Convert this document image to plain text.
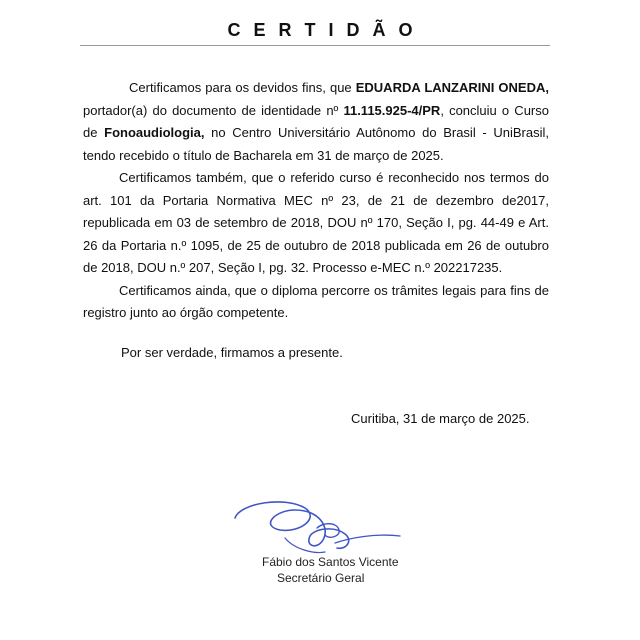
CERTIDÃO

Certificamos para os devidos fins, que EDUARDA LANZARINI ONEDA, portador(a) do documento de identidade nº 11.115.925-4/PR, concluiu o Curso de Fonoaudiologia, no Centro Universitário Autônomo do Brasil - UniBrasil, tendo recebido o título de Bacharela em 31 de março de 2025.

Certificamos também, que o referido curso é reconhecido nos termos do art. 101 da Portaria Normativa MEC nº 23, de 21 de dezembro de2017, republicada em 03 de setembro de 2018, DOU nº 170, Seção I, pg. 44-49 e Art. 26 da Portaria n.º 1095, de 25 de outubro de 2018 publicada em 26 de outubro de 2018, DOU n.º 207, Seção I, pg. 32. Processo e-MEC n.º 202217235.

Certificamos ainda, que o diploma percorre os trâmites legais para fins de registro junto ao órgão competente.

Por ser verdade, firmamos a presente.
Curitiba, 31 de março de 2025.
Fábio dos Santos Vicente
Secretário Geral
